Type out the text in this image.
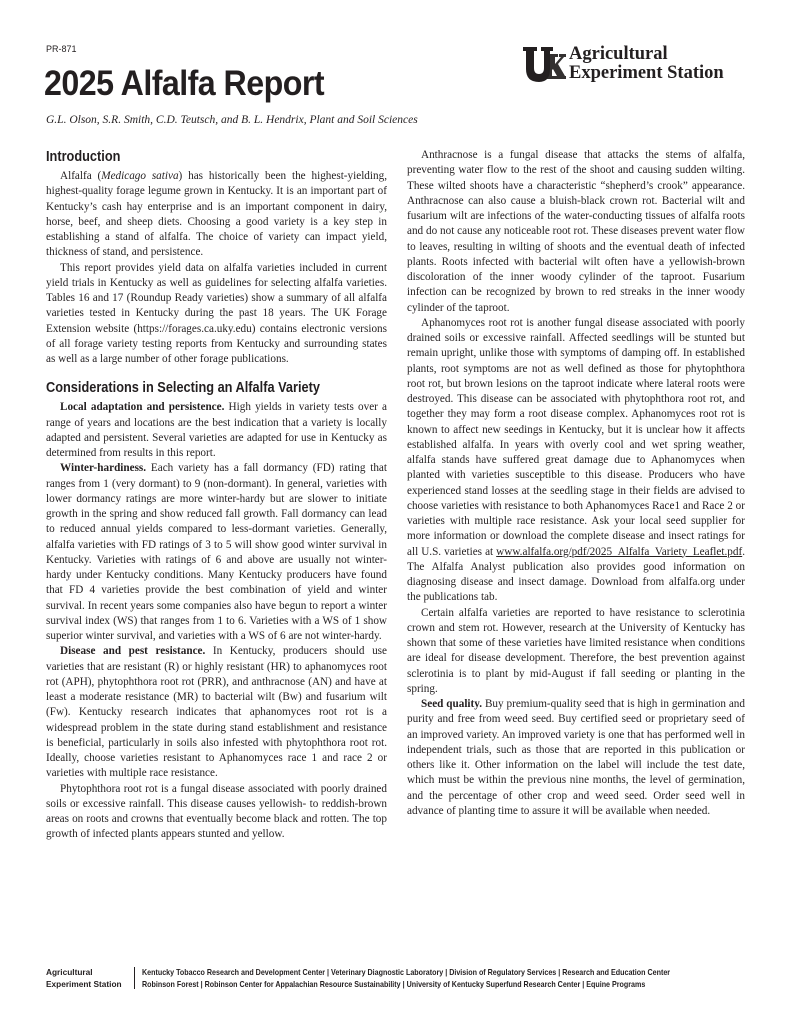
PR-871
2025 Alfalfa Report
G.L. Olson, S.R. Smith, C.D. Teutsch, and B. L. Hendrix, Plant and Soil Sciences
Agricultural
Experiment Station
Introduction

Alfalfa (Medicago sativa) has historically been the highest-yielding, highest-quality forage legume grown in Kentucky. It is an important part of Kentucky’s cash hay enterprise and is an important component in dairy, horse, beef, and sheep diets. Choosing a good variety is a key step in establishing a stand of alfalfa. The choice of variety can impact yield, thickness of stand, and persistence.

This report provides yield data on alfalfa varieties included in current yield trials in Kentucky as well as guidelines for selecting alfalfa varieties. Tables 16 and 17 (Roundup Ready varieties) show a summary of all alfalfa varieties tested in Kentucky during the past 18 years. The UK Forage Extension website (https://forages.ca.uky.edu) contains electronic versions of all forage variety testing reports from Kentucky and surrounding states as well as a large number of other forage publications.

Considerations in Selecting an Alfalfa Variety

Local adaptation and persistence. High yields in variety tests over a range of years and locations are the best indication that a variety is locally adapted and persistent. Several varieties are adapted for use in Kentucky as determined from results in this report.

Winter-hardiness. Each variety has a fall dormancy (FD) rating that ranges from 1 (very dormant) to 9 (non-dormant). In general, varieties with lower dormancy ratings are more winter-hardy but are slower to initiate growth in the spring and show reduced fall growth. Fall dormancy can lead to reduced annual yields compared to less-dormant varieties. Generally, alfalfa varieties with FD ratings of 3 to 5 will show good winter survival in Kentucky. Varieties with ratings of 6 and above are usually not winter-hardy under Kentucky conditions. Many Kentucky producers have found that FD 4 varieties provide the best combination of yield and winter survival. In recent years some companies also have begun to report a winter survival index (WS) that ranges from 1 to 6. Varieties with a WS of 1 show superior winter survival, and varieties with a WS of 6 are not winter-hardy.

Disease and pest resistance. In Kentucky, producers should use varieties that are resistant (R) or highly resistant (HR) to aphanomyces root rot (APH), phytophthora root rot (PRR), and anthracnose (AN) and have at least a moderate resistance (MR) to bacterial wilt (Bw) and fusarium wilt (Fw). Kentucky research indicates that aphanomyces root rot is a widespread problem in the state during stand establishment and resistance is beneficial, particularly in soils also infested with phytophthora root rot. Ideally, choose varieties resistant to Aphanomyces race 1 and race 2 or varieties with multiple race resistance.

Phytophthora root rot is a fungal disease associated with poorly drained soils or excessive rainfall. This disease causes yellowish- to reddish-brown areas on roots and crowns that eventually become black and rotten. The top growth of infected plants appears stunted and yellow.

Anthracnose is a fungal disease that attacks the stems of alfalfa, preventing water flow to the rest of the shoot and causing sudden wilting. These wilted shoots have a characteristic “shepherd’s crook” appearance. Anthracnose can also cause a bluish-black crown rot. Bacterial wilt and fusarium wilt are infections of the water-conducting tissues of alfalfa roots and do not cause any noticeable root rot. These diseases prevent water flow to leaves, resulting in wilting of shoots and the eventual death of infected plants. Roots infected with bacterial wilt often have a yellowish-brown discoloration of the inner woody cylinder of the taproot. Fusarium infection can be recognized by brown to red streaks in the inner woody cylinder of the taproot.

Aphanomyces root rot is another fungal disease associated with poorly drained soils or excessive rainfall. Affected seedlings will be stunted but remain upright, unlike those with symptoms of damping off. In established plants, root symptoms are not as well defined as those for phytophthora root rot, but brown lesions on the taproot indicate where lateral roots were destroyed. This disease can be associated with phytophthora root rot, and together they may form a root disease complex. Aphanomyces root rot is known to affect new seedings in Kentucky, but it is unclear how it affects established alfalfa. In years with overly cool and wet spring weather, alfalfa stands have suffered great damage due to Aphanomyces when planted with varieties susceptible to this disease. Producers who have experienced stand losses at the seedling stage in their fields are advised to choose varieties with resistance to both Aphanomyces Race1 and Race 2 or varieties with multiple race resistance. Ask your local seed supplier for more information or download the complete disease and insect ratings for all U.S. varieties at www.alfalfa.org/pdf/2025_Alfalfa_Variety_Leaflet.pdf. The Alfalfa Analyst publication also provides good information on diagnosing disease and insect damage. Download from alfalfa.org under the publications tab.

Certain alfalfa varieties are reported to have resistance to sclerotinia crown and stem rot. However, research at the University of Kentucky has shown that some of these varieties have limited resistance when conditions are ideal for disease development. Therefore, the best prevention against sclerotinia is to plant by mid-August if fall seeding or planting in the spring.

Seed quality. Buy premium-quality seed that is high in germination and purity and free from weed seed. Buy certified seed or proprietary seed of an improved variety. An improved variety is one that has performed well in independent trials, such as those that are reported in this publication or others like it. Other information on the label will include the test date, which must be within the previous nine months, the level of germination, and the percentage of other crop and weed seed. Order seed well in advance of planting time to assure it will be available when needed.

Agricultural
Experiment Station
Kentucky Tobacco Research and Development Center | Veterinary Diagnostic Laboratory | Division of Regulatory Services | Research and Education Center
Robinson Forest | Robinson Center for Appalachian Resource Sustainability | University of Kentucky Superfund Research Center | Equine Programs
